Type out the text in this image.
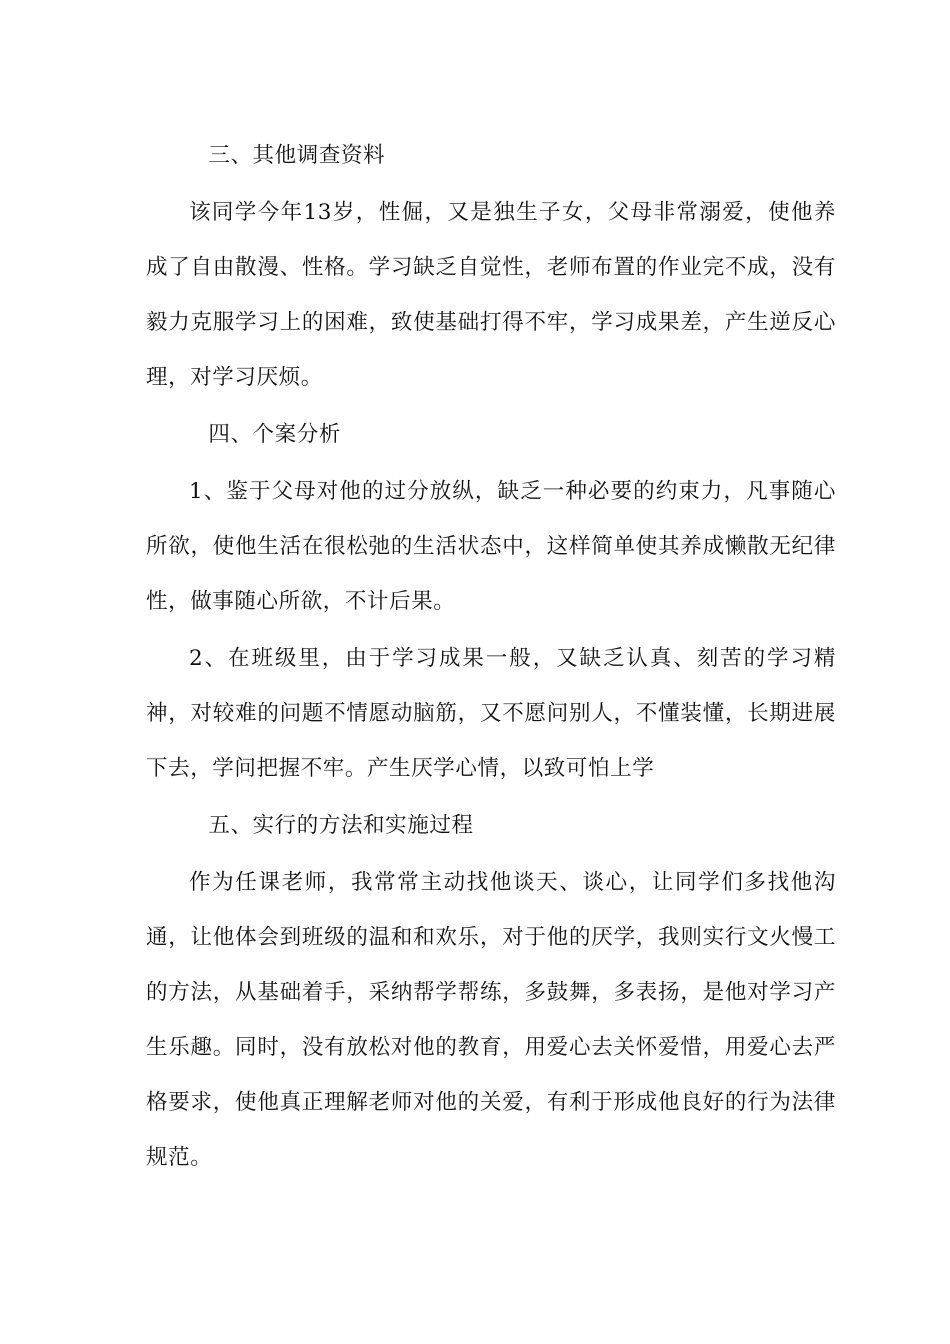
三、其他调查资料

该同学今年13岁，性倔，又是独生子女，父母非常溺爱，使他养成了自由散漫、性格。学习缺乏自觉性，老师布置的作业完不成，没有毅力克服学习上的困难，致使基础打得不牢，学习成果差，产生逆反心理，对学习厌烦。

四、个案分析

1、鉴于父母对他的过分放纵，缺乏一种必要的约束力，凡事随心所欲，使他生活在很松弛的生活状态中，这样简单使其养成懒散无纪律性，做事随心所欲，不计后果。

2、在班级里，由于学习成果一般，又缺乏认真、刻苦的学习精神，对较难的问题不情愿动脑筋，又不愿问别人，不懂装懂，长期进展下去，学问把握不牢。产生厌学心情，以致可怕上学

五、实行的方法和实施过程

作为任课老师，我常常主动找他谈天、谈心，让同学们多找他沟通，让他体会到班级的温和和欢乐，对于他的厌学，我则实行文火慢工的方法，从基础着手，采纳帮学帮练，多鼓舞，多表扬，是他对学习产生乐趣。同时，没有放松对他的教育，用爱心去关怀爱惜，用爱心去严格要求，使他真正理解老师对他的关爱，有利于形成他良好的行为法律规范。
